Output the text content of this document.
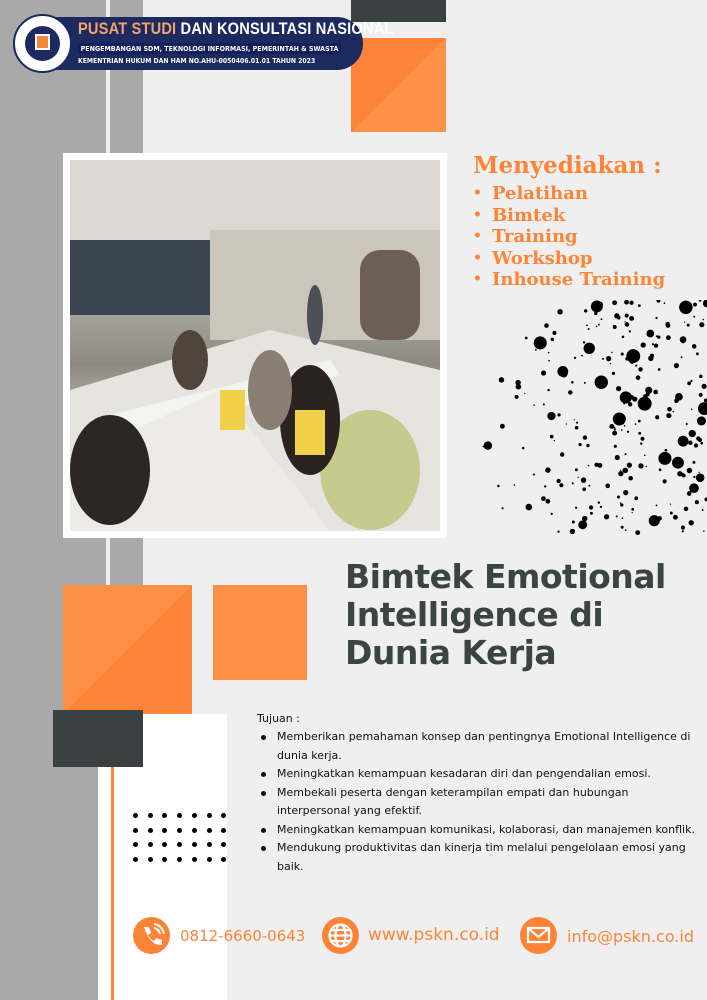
PUSAT STUDI DAN KONSULTASI NASIONAL
PENGEMBANGAN SDM, TEKNOLOGI INFORMASI, PEMERINTAH & SWASTA
KEMENTRIAN HUKUM DAN HAM NO.AHU-0050406.01.01 TAHUN 2023
Menyediakan :
• Pelatihan
• Bimtek
• Training
• Workshop
• Inhouse Training
Bimtek Emotional
Intelligence di
Dunia Kerja
Tujuan :
Memberikan pemahaman konsep dan pentingnya Emotional Intelligence di dunia kerja.
Meningkatkan kemampuan kesadaran diri dan pengendalian emosi.
Membekali peserta dengan keterampilan empati dan hubungan interpersonal yang efektif.
Meningkatkan kemampuan komunikasi, kolaborasi, dan manajemen konflik.
Mendukung produktivitas dan kinerja tim melalui pengelolaan emosi yang baik.
0812-6660-0643	www.pskn.co.id	info@pskn.co.id
